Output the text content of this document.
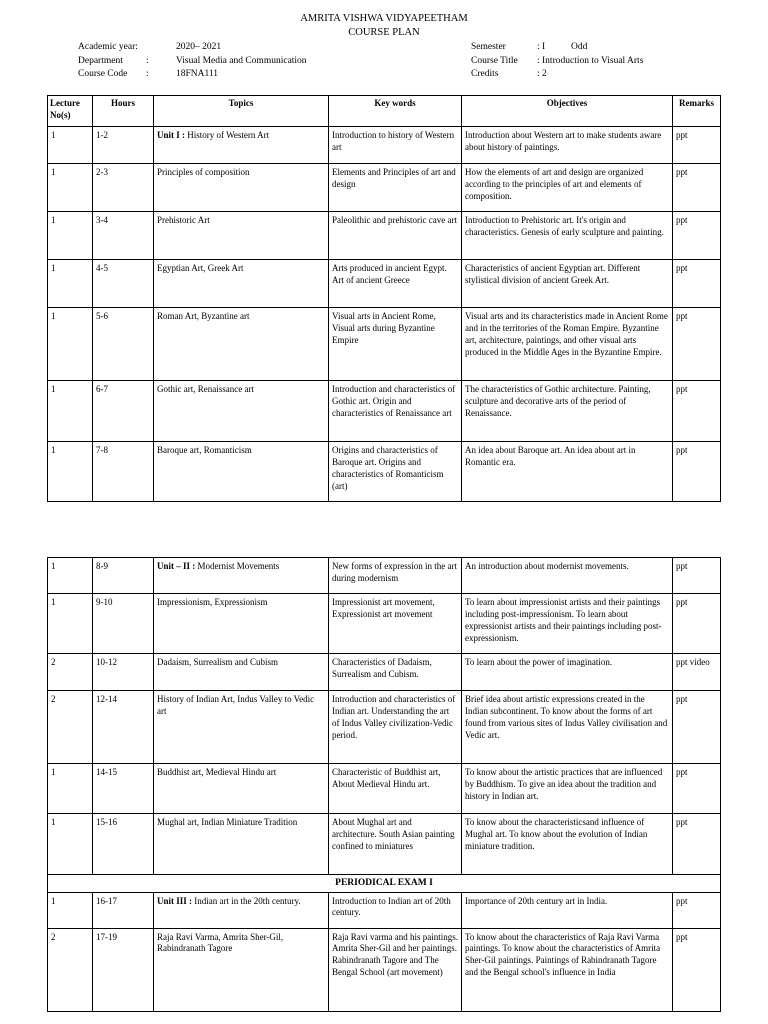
AMRITA VISHWA VIDYAPEETHAM
COURSE PLAN
Academic year:	2020– 2021
Department :	Visual Media and Communication
Course Code :	18FNA111
Semester	: I	Odd
Course Title : Introduction to Visual Arts
Credits	: 2
Lecture No(s)	Hours	Topics	Key words	Objectives	Remarks
1	1-2	Unit I : History of Western Art	Introduction to history of Western art	Introduction about Western art to make students aware about history of paintings.	ppt
1	2-3	Principles of composition	Elements and Principles of art and design	How the elements of art and design are organized according to the principles of art and elements of composition.	ppt
1	3-4	Prehistoric Art	Paleolithic and prehistoric cave art	Introduction to Prehistoric art. It's origin and characteristics. Genesis of early sculpture and painting.	ppt
1	4-5	Egyptian Art, Greek Art	Arts produced in ancient Egypt. Art of ancient Greece	Characteristics of ancient Egyptian art. Different stylistical division of ancient Greek Art.	ppt
1	5-6	Roman Art, Byzantine art	Visual arts in Ancient Rome, Visual arts during Byzantine Empire	Visual arts and its characteristics made in Ancient Rome and in the territories of the Roman Empire. Byzantine art, architecture, paintings, and other visual arts produced in the Middle Ages in the Byzantine Empire.	ppt
1	6-7	Gothic art, Renaissance art	Introduction and characteristics of Gothic art. Origin and characteristics of Renaissance art	The characteristics of Gothic architecture. Painting, sculpture and decorative arts of the period of Renaissance.	ppt
1	7-8	Baroque art, Romanticism	Origins and characteristics of Baroque art. Origins and characteristics of Romanticism (art)	An idea about Baroque art. An idea about art in Romantic era.	ppt
1	8-9	Unit – II : Modernist Movements	New forms of expression in the art during modernism	An introduction about modernist movements.	ppt
1	9-10	Impressionism, Expressionism	Impressionist art movement, Expressionist art movement	To learn about impressionist artists and their paintings including post-impressionism. To learn about expressionist artists and their paintings including post-expressionism.	ppt
2	10-12	Dadaism, Surrealism and Cubism	Characteristics of Dadaism, Surrealism and Cubism.	To learn about the power of imagination.	ppt video
2	12-14	History of Indian Art, Indus Valley to Vedic art	Introduction and characteristics of Indian art. Understanding the art of Indus Valley civilization-Vedic period.	Brief idea about artistic expressions created in the Indian subcontinent. To know about the forms of art found from various sites of Indus Valley civilisation and Vedic art.	ppt
1	14-15	Buddhist art, Medieval Hindu art	Characteristic of Buddhist art, About Medieval Hindu art.	To know about the artistic practices that are influenced by Buddhism. To give an idea about the tradition and history in Indian art.	ppt
1	15-16	Mughal art, Indian Miniature Tradition	About Mughal art and architecture. South Asian painting confined to miniatures	To know about the characteristicsand influence of Mughal art. To know about the evolution of Indian miniature tradition.	ppt
PERIODICAL EXAM I					
1	16-17	Unit III : Indian art in the 20th century.	Introduction to Indian art of 20th century.	Importance of 20th century art in India.	ppt
2	17-19	Raja Ravi Varma, Amrita Sher-Gil, Rabindranath Tagore	Raja Ravi varma and his paintings. Amrita Sher-Gil and her paintings. Rabindranath Tagore and The Bengal School (art movement)	To know about the characteristics of Raja Ravi Varma paintings. To know about the characteristics of Amrita Sher-Gil paintings. Paintings of Rabindranath Tagore and the Bengal school's influence in India	ppt
